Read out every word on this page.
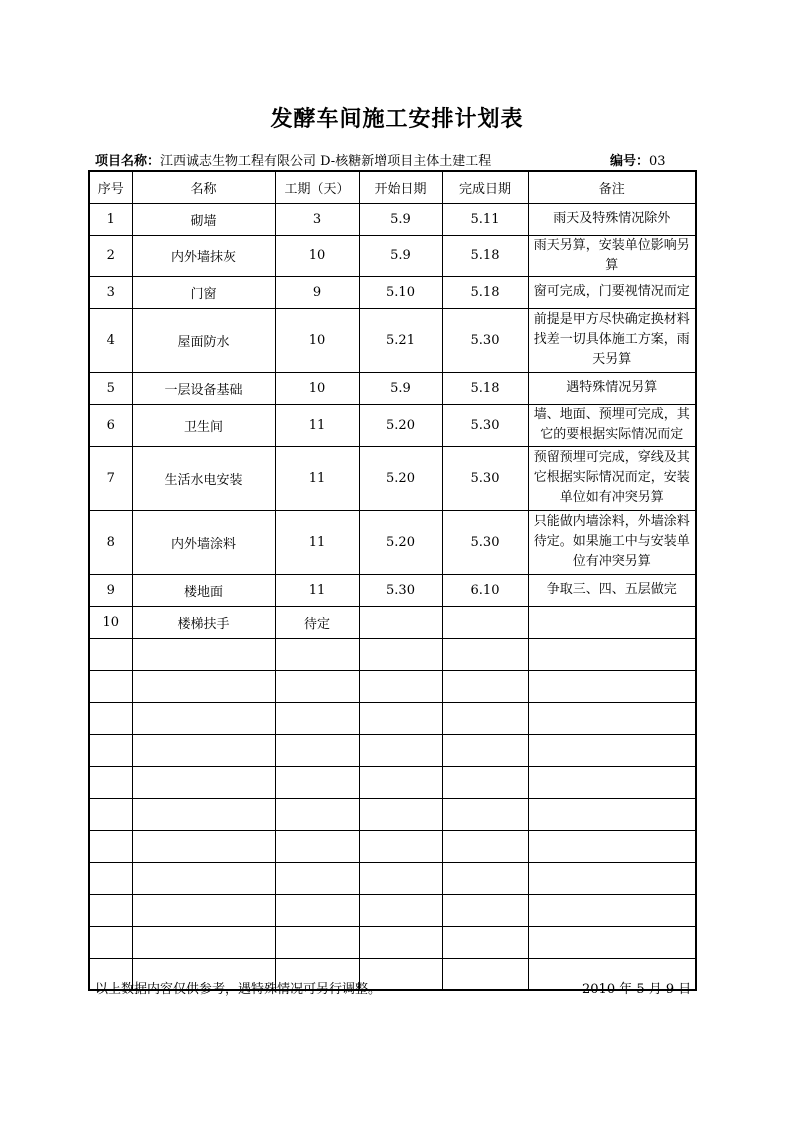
发酵车间施工安排计划表
项目名称：江西诚志生物工程有限公司 D-核糖新增项目主体土建工程	编号：03
序号	名称	工期（天）	开始日期	完成日期	备注
1	砌墙	3	5.9	5.11	雨天及特殊情况除外
2	内外墙抹灰	10	5.9	5.18	雨天另算，安装单位影响另算
3	门窗	9	5.10	5.18	窗可完成，门要视情况而定
4	屋面防水	10	5.21	5.30	前提是甲方尽快确定换材料找差一切具体施工方案，雨天另算
5	一层设备基础	10	5.9	5.18	遇特殊情况另算
6	卫生间	11	5.20	5.30	墙、地面、预埋可完成，其它的要根据实际情况而定
7	生活水电安装	11	5.20	5.30	预留预埋可完成，穿线及其它根据实际情况而定，安装单位如有冲突另算
8	内外墙涂料	11	5.20	5.30	只能做内墙涂料，外墙涂料待定。如果施工中与安装单位有冲突另算
9	楼地面	11	5.30	6.10	争取三、四、五层做完
10	楼梯扶手	待定			

以上数据内容仅供参考，遇特殊情况可另行调整。	2010 年 5 月 9 日
